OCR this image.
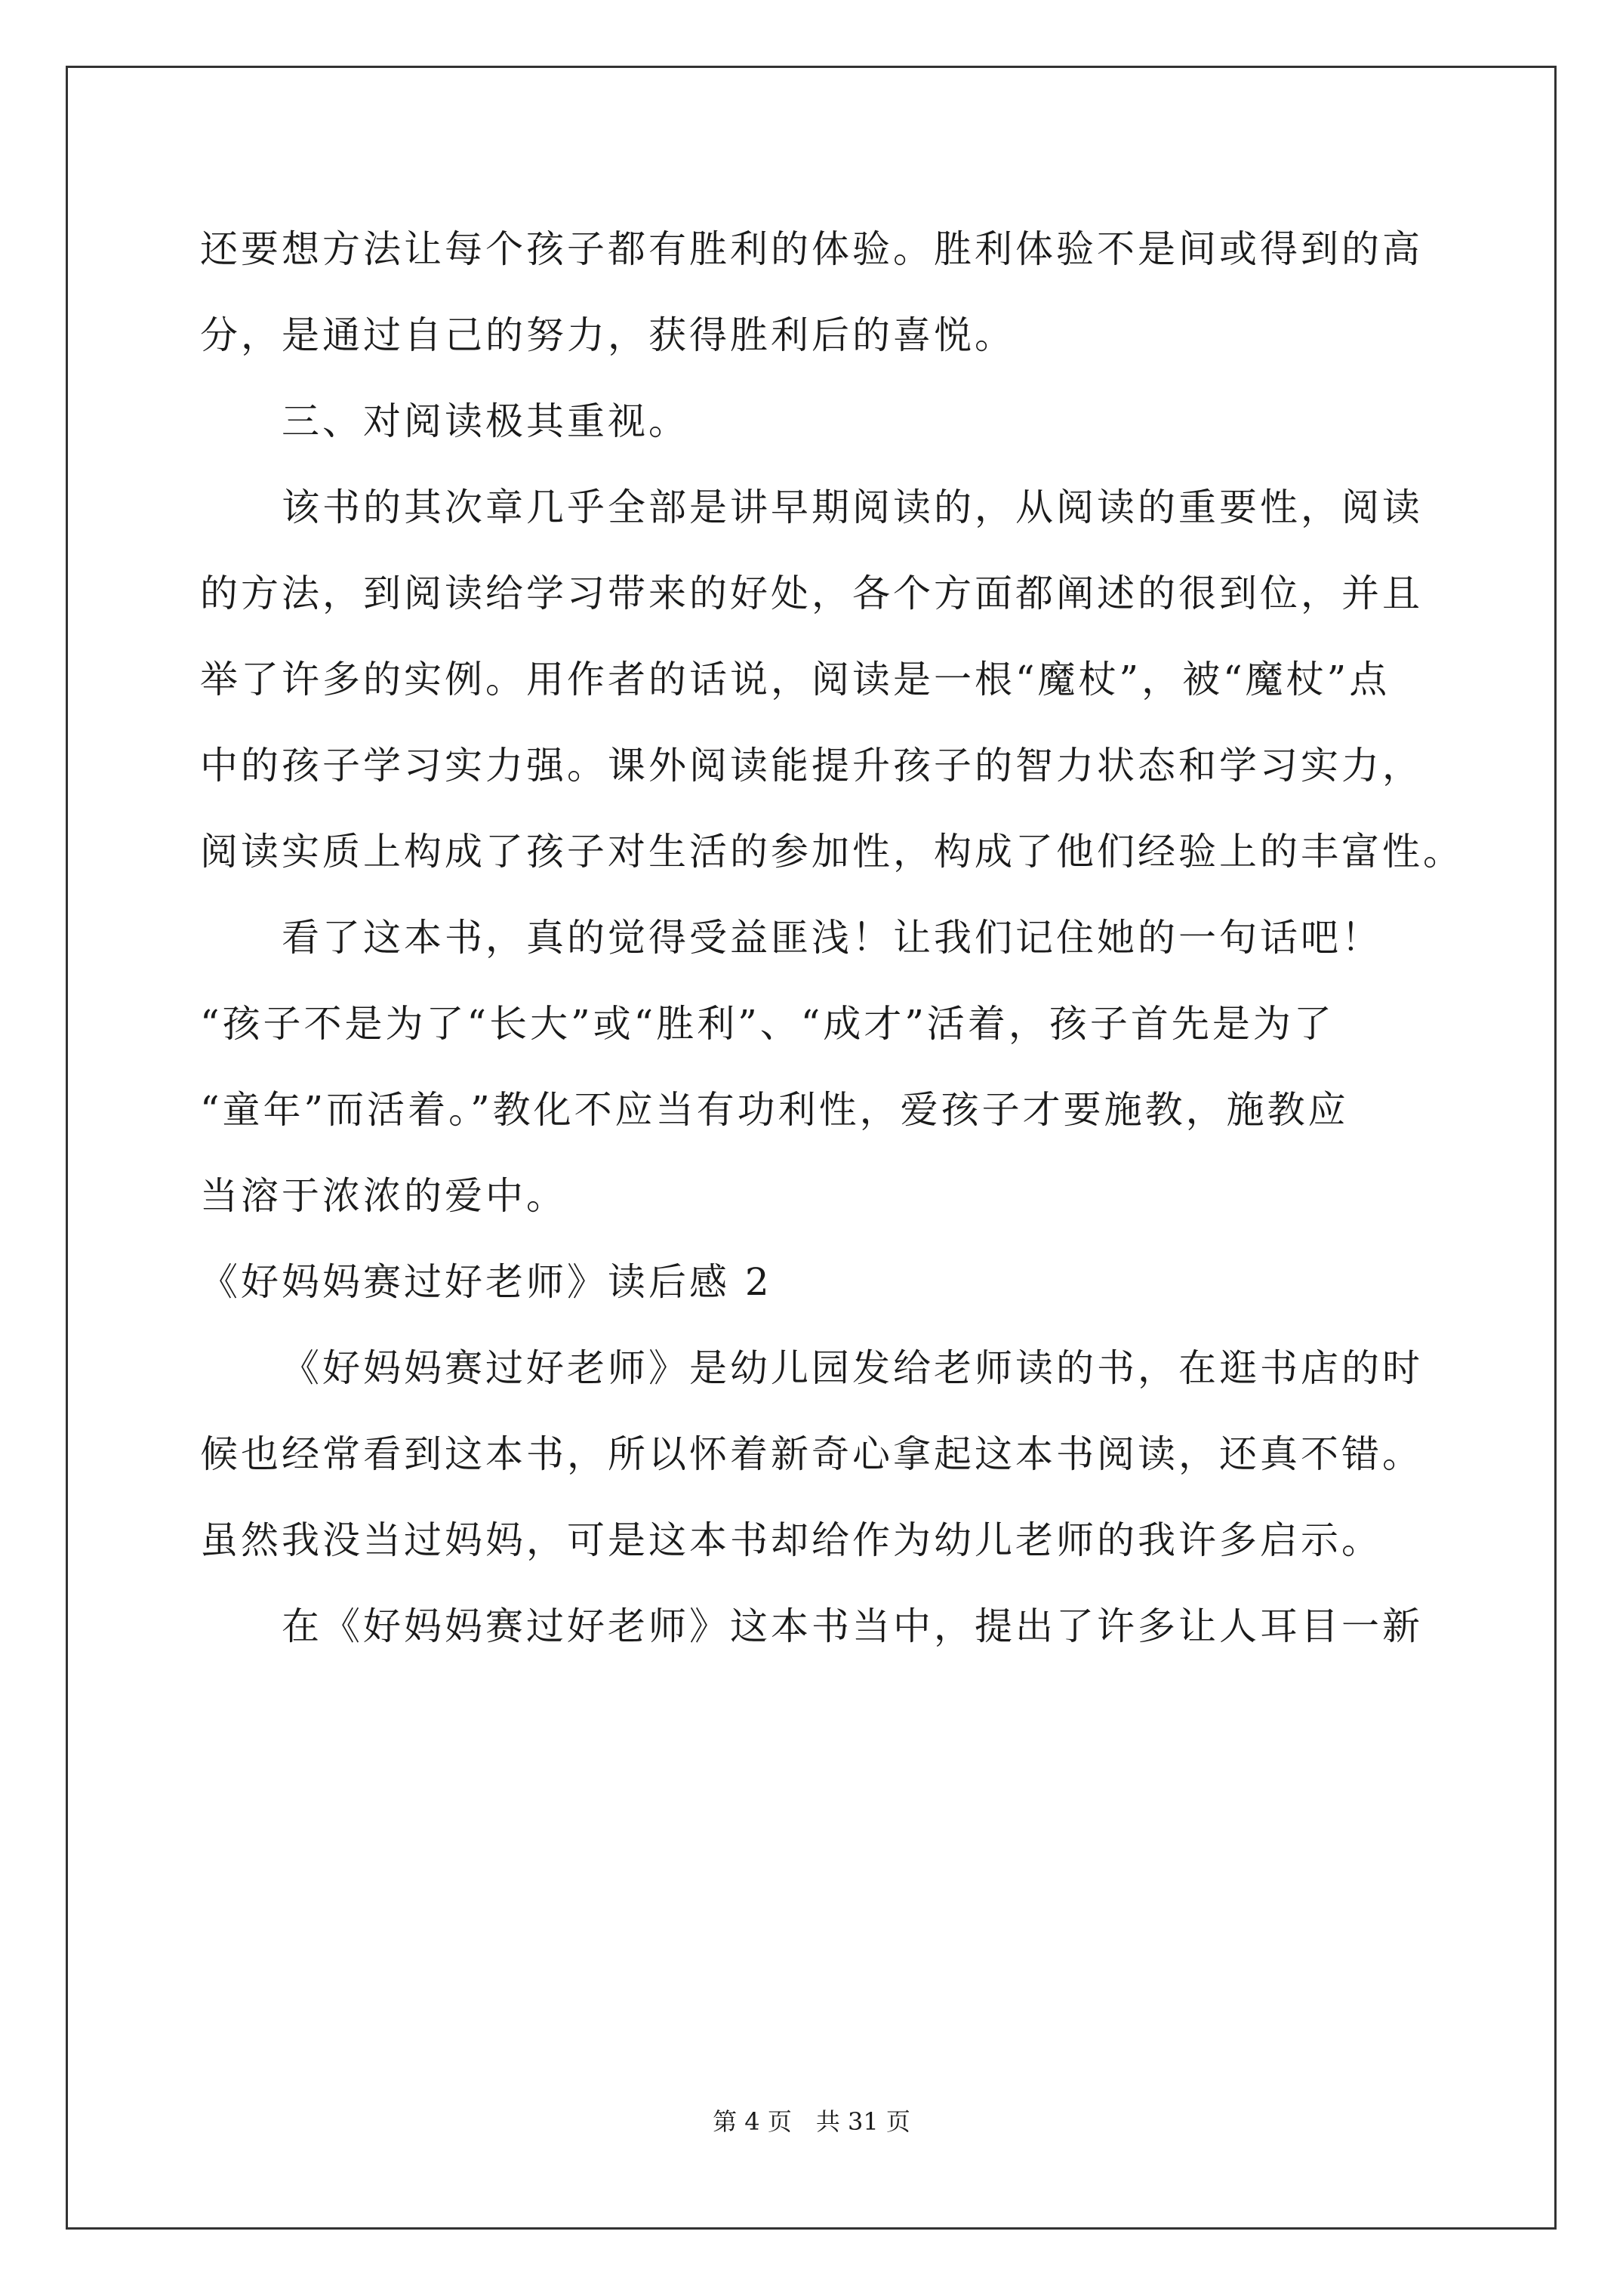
还要想方法让每个孩子都有胜利的体验。胜利体验不是间或得到的高
分，是通过自己的努力，获得胜利后的喜悦。
三、对阅读极其重视。
该书的其次章几乎全部是讲早期阅读的，从阅读的重要性，阅读
的方法，到阅读给学习带来的好处，各个方面都阐述的很到位，并且
举了许多的实例。用作者的话说，阅读是一根“魔杖”，被“魔杖”点
中的孩子学习实力强。课外阅读能提升孩子的智力状态和学习实力，
阅读实质上构成了孩子对生活的参加性，构成了他们经验上的丰富性。
看了这本书，真的觉得受益匪浅！让我们记住她的一句话吧！
“孩子不是为了“长大”或“胜利”、“成才”活着，孩子首先是为了
“童年”而活着。”教化不应当有功利性，爱孩子才要施教，施教应
当溶于浓浓的爱中。
《好妈妈赛过好老师》读后感 2
《好妈妈赛过好老师》是幼儿园发给老师读的书，在逛书店的时
候也经常看到这本书，所以怀着新奇心拿起这本书阅读，还真不错。
虽然我没当过妈妈，可是这本书却给作为幼儿老师的我许多启示。
在《好妈妈赛过好老师》这本书当中，提出了许多让人耳目一新
第 4 页　共 31 页
